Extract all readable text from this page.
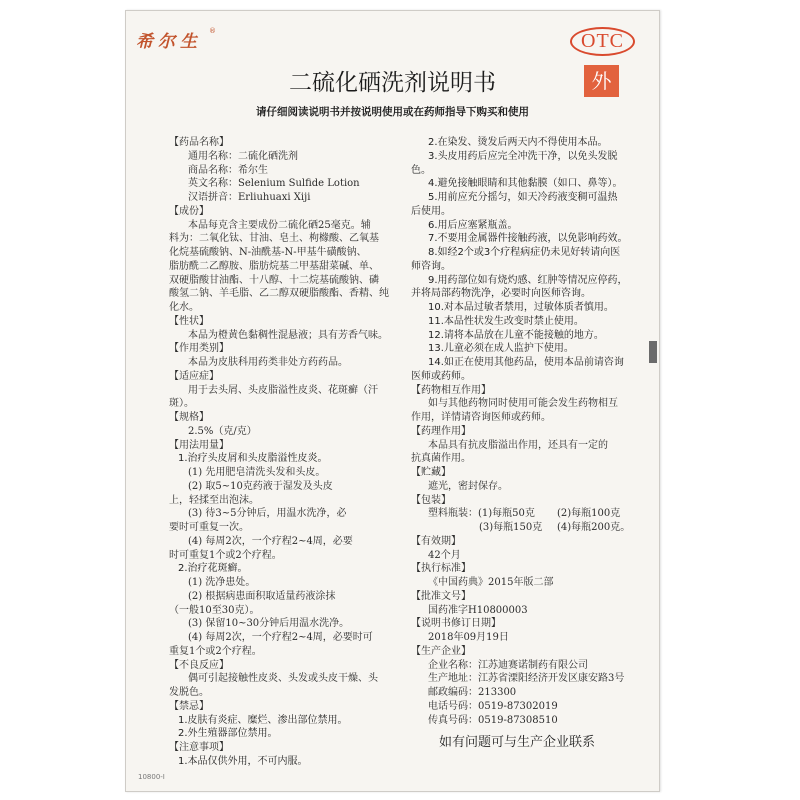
希尔生
®	OTC
外
二硫化硒洗剂说明书
请仔细阅读说明书并按说明使用或在药师指导下购买和使用
【药品名称】
通用名称：二硫化硒洗剂
商品名称：希尔生
英文名称：Selenium Sulfide Lotion
汉语拼音：Erliuhuaxi Xiji
【成份】
本品每克含主要成份二硫化硒25毫克。辅
料为：二氧化钛、甘油、皂土、枸橼酸、乙氧基
化烷基硫酸钠、N-油酰基-N-甲基牛磺酸钠、
脂肪酰二乙醇胺、脂肪烷基二甲基甜菜碱、单、
双硬脂酸甘油酯、十八醇、十二烷基硫酸钠、磷
酸氢二钠、羊毛脂、乙二醇双硬脂酸酯、香精、纯
化水。
【性状】
本品为橙黄色黏稠性混悬液；具有芳香气味。
【作用类别】
本品为皮肤科用药类非处方药药品。
【适应症】
用于去头屑、头皮脂溢性皮炎、花斑癣（汗
斑）。
【规格】
2.5%（克/克）
【用法用量】
1.治疗头皮屑和头皮脂溢性皮炎。
(1) 先用肥皂清洗头发和头皮。
(2) 取5~10克药液于湿发及头皮
上，轻揉至出泡沫。
(3) 待3~5分钟后，用温水洗净，必
要时可重复一次。
(4) 每周2次，一个疗程2~4周，必要
时可重复1个或2个疗程。
2.治疗花斑癣。
(1) 洗净患处。
(2) 根据病患面积取适量药液涂抹
（一般10至30克）。
(3) 保留10~30分钟后用温水洗净。
(4) 每周2次，一个疗程2~4周，必要时可
重复1个或2个疗程。
【不良反应】
偶可引起接触性皮炎、头发或头皮干燥、头
发脱色。
【禁忌】
1.皮肤有炎症、糜烂、渗出部位禁用。
2.外生殖器部位禁用。
【注意事项】
1.本品仅供外用，不可内服。
2.在染发、烫发后两天内不得使用本品。
3.头皮用药后应完全冲洗干净，以免头发脱
色。
4.避免接触眼睛和其他黏膜（如口、鼻等）。
5.用前应充分摇匀，如天冷药液变稠可温热
后使用。
6.用后应塞紧瓶盖。
7.不要用金属器件接触药液，以免影响药效。
8.如经2个或3个疗程病症仍未见好转请向医
师咨询。
9.用药部位如有烧灼感、红肿等情况应停药，
并将局部药物洗净，必要时向医师咨询。
10.对本品过敏者禁用，过敏体质者慎用。
11.本品性状发生改变时禁止使用。
12.请将本品放在儿童不能接触的地方。
13.儿童必须在成人监护下使用。
14.如正在使用其他药品，使用本品前请咨询
医师或药师。
【药物相互作用】
如与其他药物同时使用可能会发生药物相互
作用，详情请咨询医师或药师。
【药理作用】
本品具有抗皮脂溢出作用，还具有一定的
抗真菌作用。
【贮藏】
遮光，密封保存。
【包装】
塑料瓶装：(1)每瓶50克 (2)每瓶100克
(3)每瓶150克 (4)每瓶200克。
【有效期】
42个月
【执行标准】
《中国药典》2015年版二部
【批准文号】
国药准字H10800003
【说明书修订日期】
2018年09月19日
【生产企业】
企业名称：江苏迪赛诺制药有限公司
生产地址：江苏省溧阳经济开发区康安路3号
邮政编码：213300
电话号码：0519-87302019
传真号码：0519-87308510
如有问题可与生产企业联系
10800-I
